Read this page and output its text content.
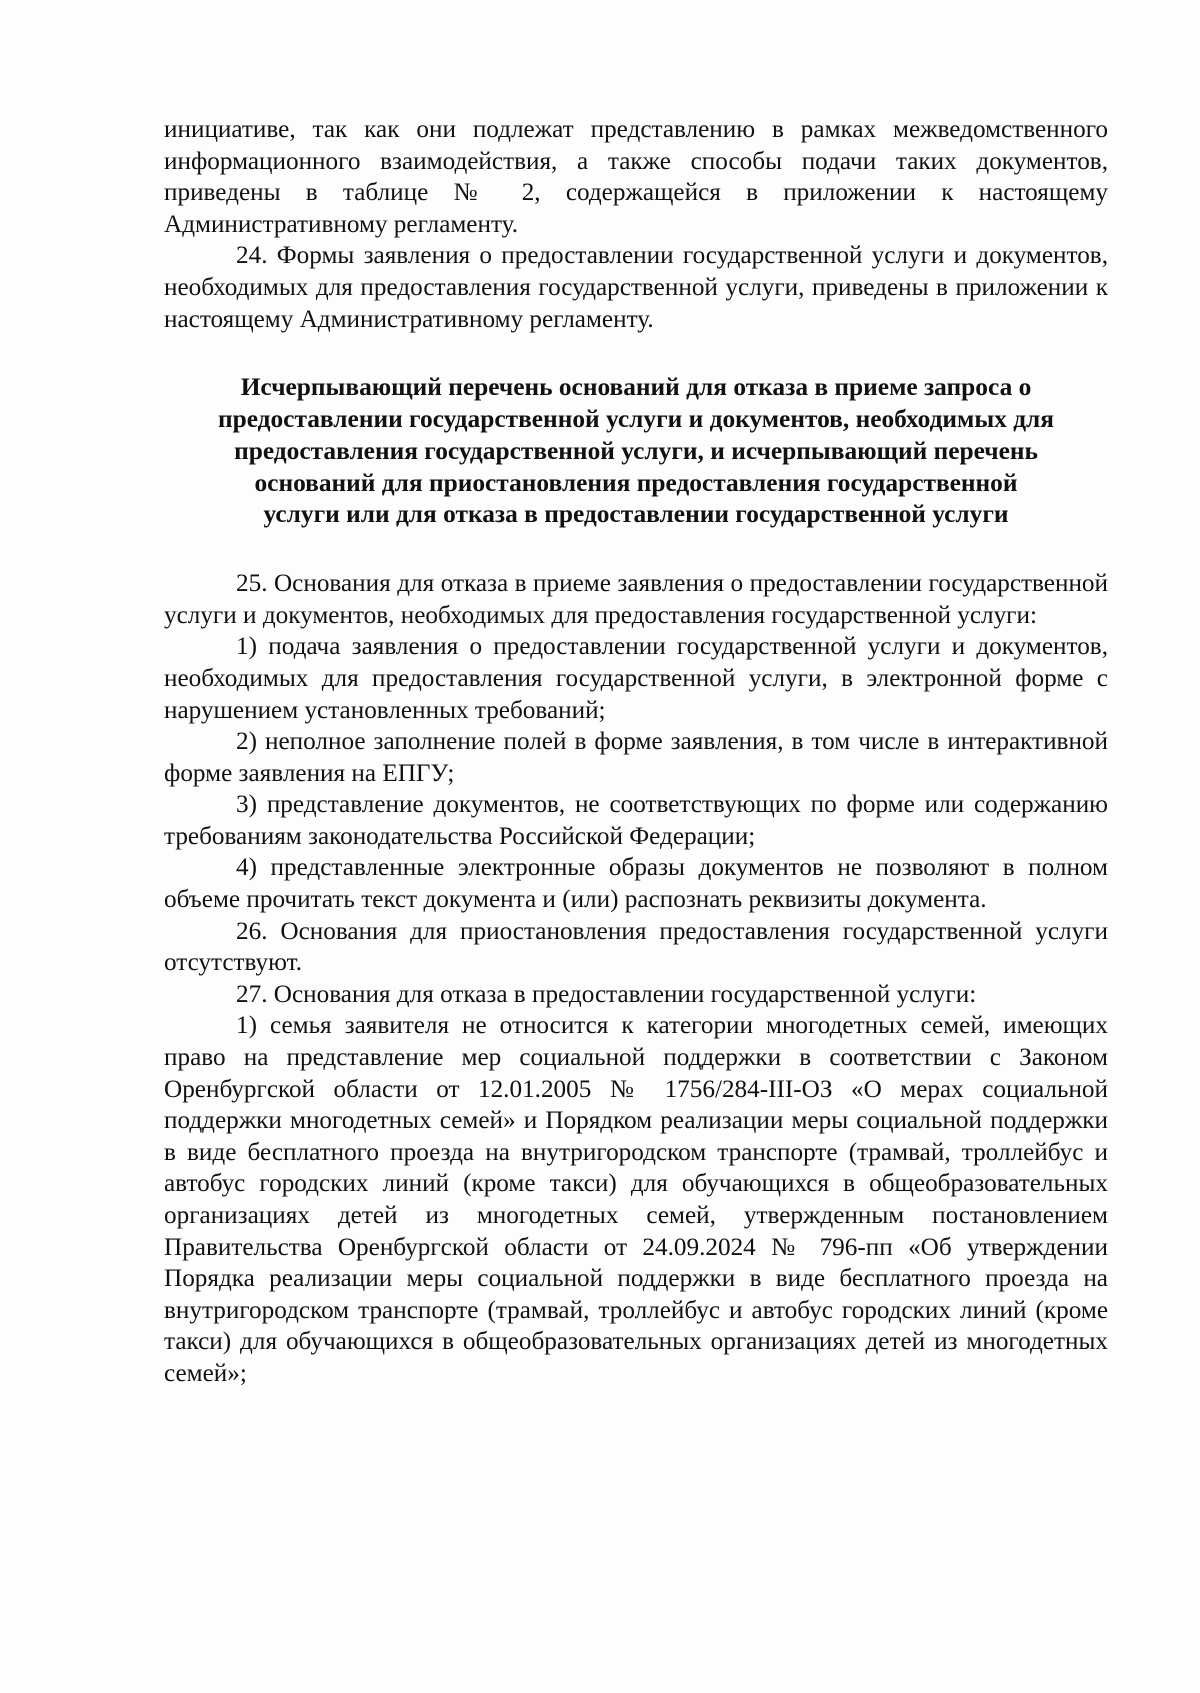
инициативе, так как они подлежат представлению в рамках межведомственного информационного взаимодействия, а также способы подачи таких документов, приведены в таблице № 2, содержащейся в приложении к настоящему Административному регламенту.

24. Формы заявления о предоставлении государственной услуги и документов, необходимых для предоставления государственной услуги, приведены в приложении к настоящему Административному регламенту.

Исчерпывающий перечень оснований для отказа в приеме запроса о

предоставлении государственной услуги и документов, необходимых для

предоставления государственной услуги, и исчерпывающий перечень

оснований для приостановления предоставления государственной

услуги или для отказа в предоставлении государственной услуги

25. Основания для отказа в приеме заявления о предоставлении государственной услуги и документов, необходимых для предоставления государственной услуги:

1) подача заявления о предоставлении государственной услуги и документов, необходимых для предоставления государственной услуги, в электронной форме с нарушением установленных требований;

2) неполное заполнение полей в форме заявления, в том числе в интерактивной форме заявления на ЕПГУ;

3) представление документов, не соответствующих по форме или содержанию требованиям законодательства Российской Федерации;

4) представленные электронные образы документов не позволяют в полном объеме прочитать текст документа и (или) распознать реквизиты документа.

26. Основания для приостановления предоставления государственной услуги отсутствуют.

27. Основания для отказа в предоставлении государственной услуги:

1) семья заявителя не относится к категории многодетных семей, имеющих право на представление мер социальной поддержки в соответствии с Законом Оренбургской области от 12.01.2005 № 1756/284-III-ОЗ «О мерах социальной поддержки многодетных семей» и Порядком реализации меры социальной поддержки в виде бесплатного проезда на внутригородском транспорте (трамвай, троллейбус и автобус городских линий (кроме такси) для обучающихся в общеобразовательных организациях детей из многодетных семей, утвержденным постановлением Правительства Оренбургской области от 24.09.2024 № 796-пп «Об утверждении Порядка реализации меры социальной поддержки в виде бесплатного проезда на внутригородском транспорте (трамвай, троллейбус и автобус городских линий (кроме такси) для обучающихся в общеобразовательных организациях детей из многодетных семей»;
